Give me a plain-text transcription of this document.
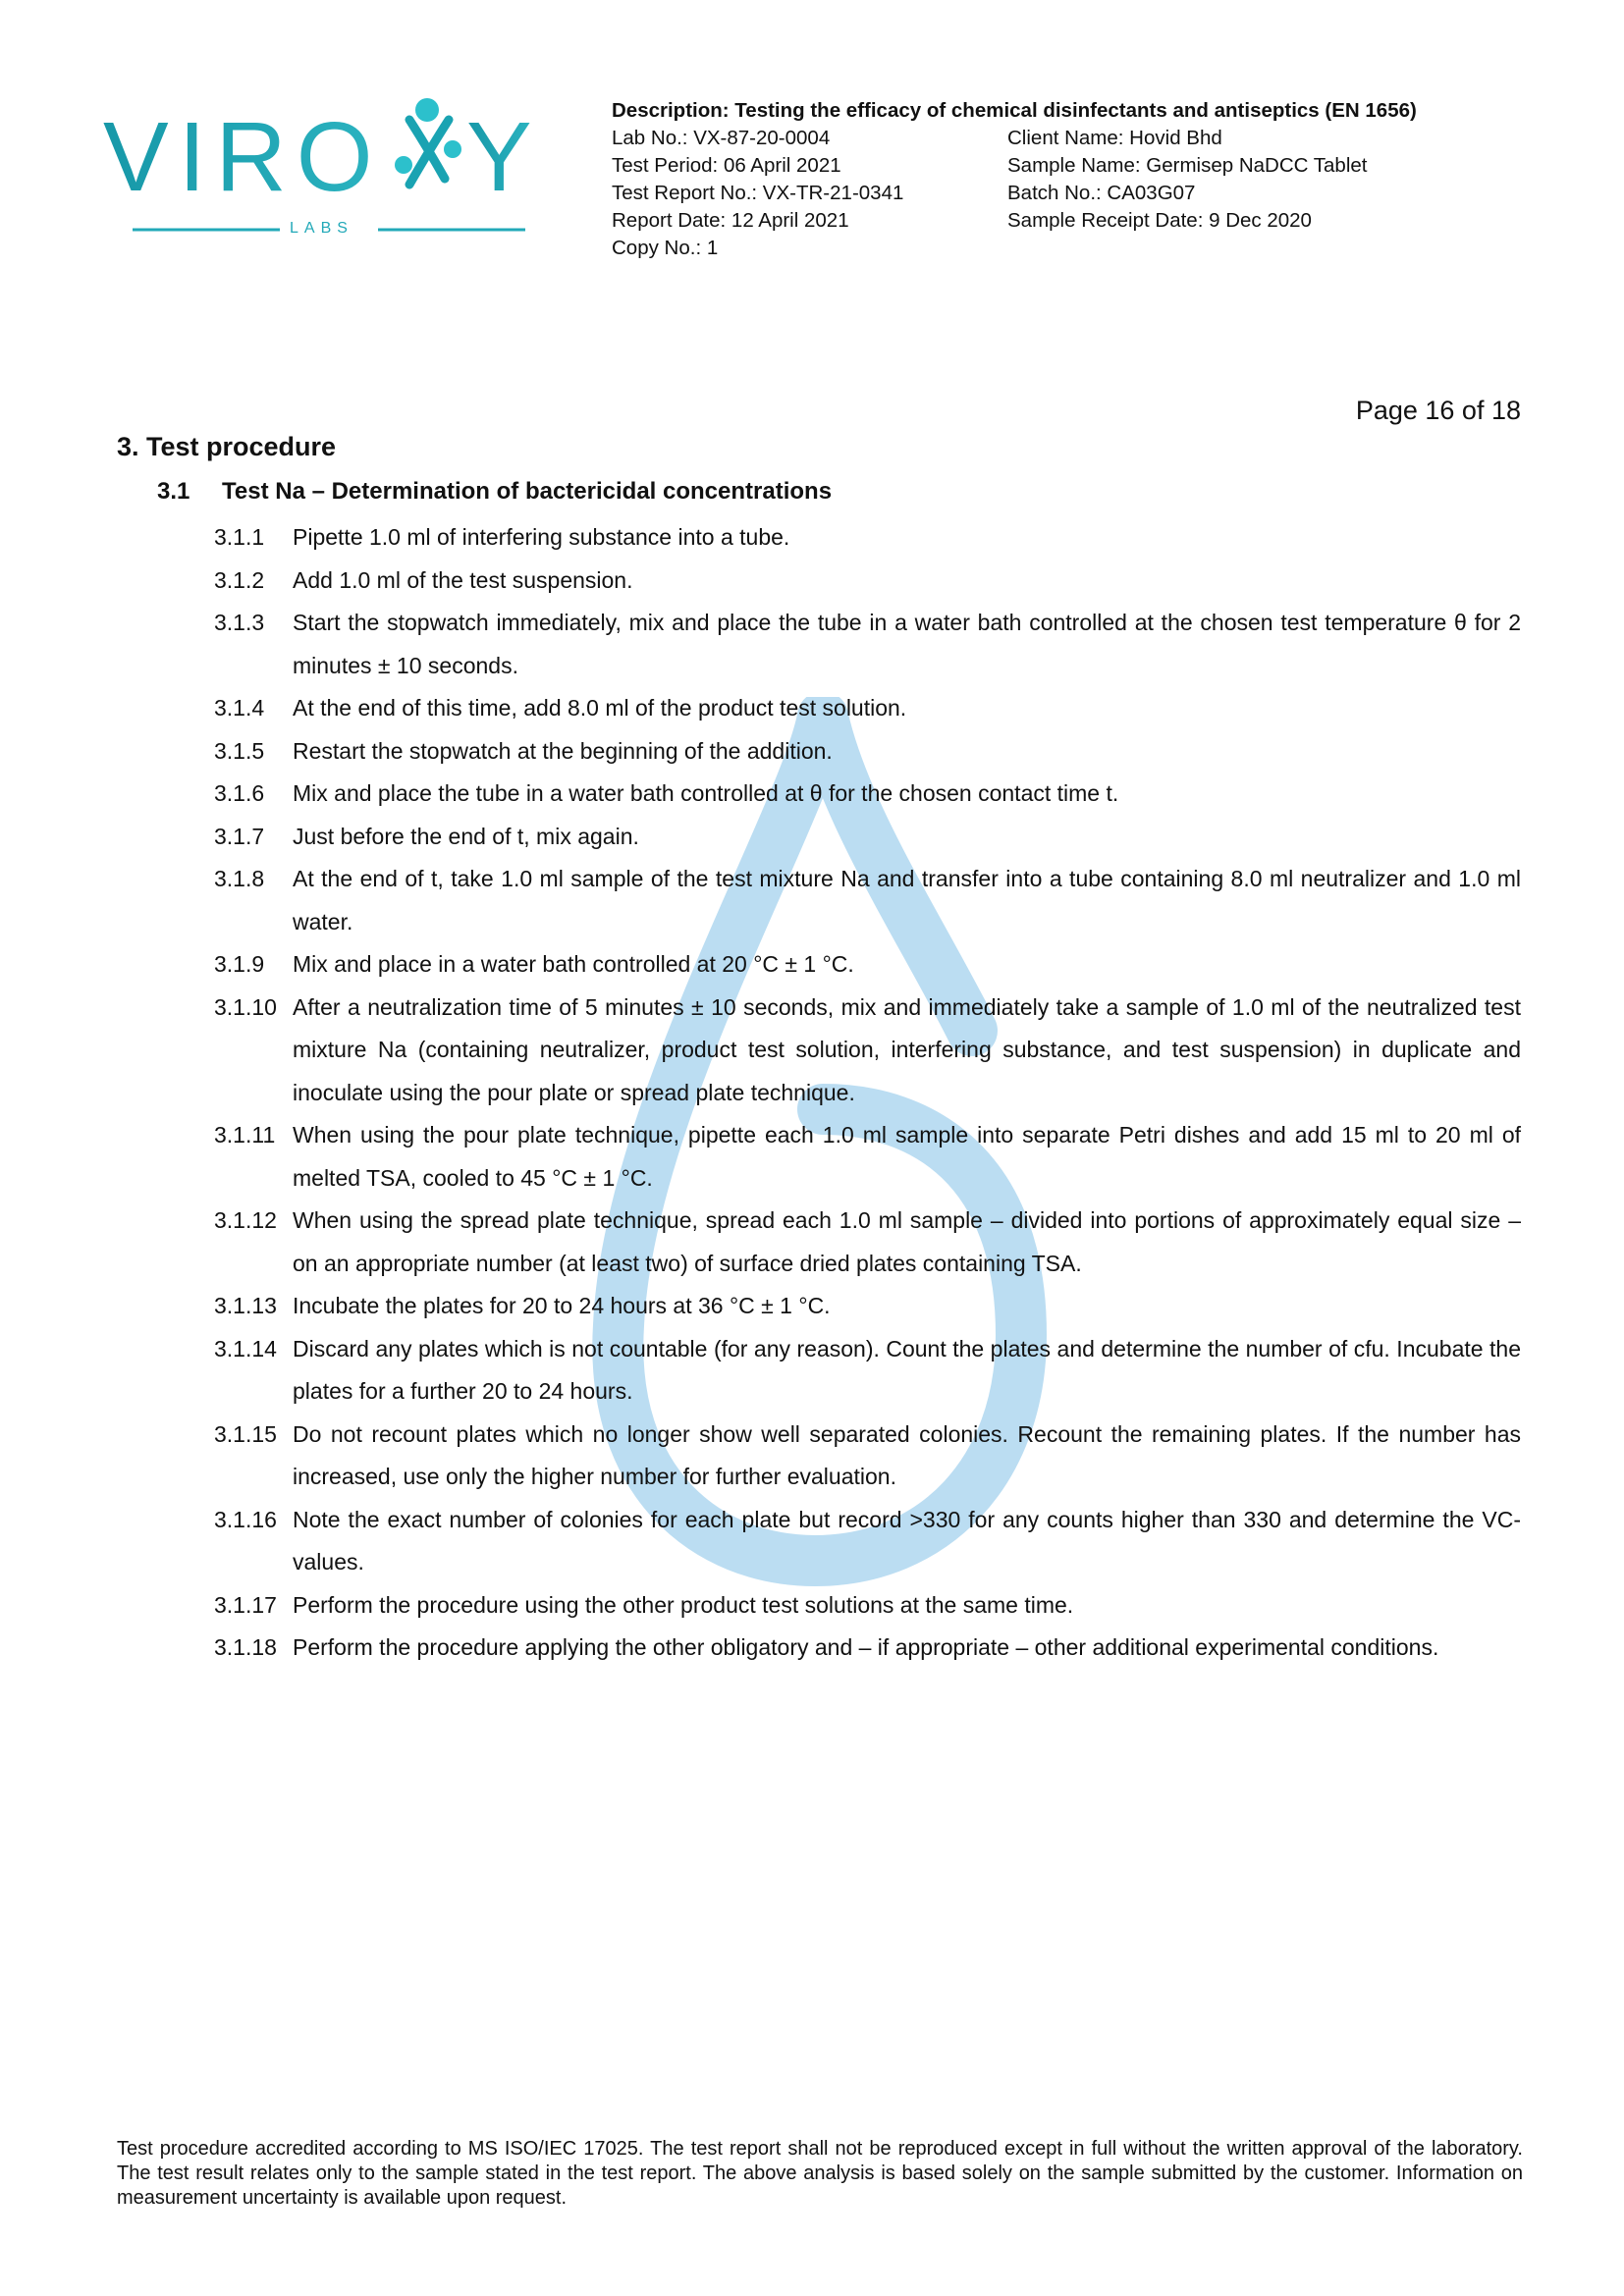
VIRO Y
LABS
Description: Testing the efficacy of chemical disinfectants and antiseptics (EN 1656)
Lab No.: VX-87-20-0004	Client Name: Hovid Bhd
Test Period: 06 April 2021	Sample Name: Germisep NaDCC Tablet
Test Report No.: VX-TR-21-0341	Batch No.: CA03G07
Report Date: 12 April 2021	Sample Receipt Date: 9 Dec 2020
Copy No.: 1
Page 16 of 18
3. Test procedure
3.1 Test Na – Determination of bactericidal concentrations
3.1.1	Pipette 1.0 ml of interfering substance into a tube.
3.1.2	Add 1.0 ml of the test suspension.
3.1.3	Start the stopwatch immediately, mix and place the tube in a water bath controlled at the chosen test temperature θ for 2 minutes ± 10 seconds.
3.1.4	At the end of this time, add 8.0 ml of the product test solution.
3.1.5	Restart the stopwatch at the beginning of the addition.
3.1.6	Mix and place the tube in a water bath controlled at θ for the chosen contact time t.
3.1.7	Just before the end of t, mix again.
3.1.8	At the end of t, take 1.0 ml sample of the test mixture Na and transfer into a tube containing 8.0 ml neutralizer and 1.0 ml water.
3.1.9	Mix and place in a water bath controlled at 20 °C ± 1 °C.
3.1.10 After a neutralization time of 5 minutes ± 10 seconds, mix and immediately take a sample of 1.0 ml of the neutralized test mixture Na (containing neutralizer, product test solution, interfering substance, and test suspension) in duplicate and inoculate using the pour plate or spread plate technique.
3.1.11 When using the pour plate technique, pipette each 1.0 ml sample into separate Petri dishes and add 15 ml to 20 ml of melted TSA, cooled to 45 °C ± 1 °C.
3.1.12 When using the spread plate technique, spread each 1.0 ml sample – divided into portions of approximately equal size – on an appropriate number (at least two) of surface dried plates containing TSA.
3.1.13 Incubate the plates for 20 to 24 hours at 36 °C ± 1 °C.
3.1.14 Discard any plates which is not countable (for any reason). Count the plates and determine the number of cfu. Incubate the plates for a further 20 to 24 hours.
3.1.15 Do not recount plates which no longer show well separated colonies. Recount the remaining plates. If the number has increased, use only the higher number for further evaluation.
3.1.16 Note the exact number of colonies for each plate but record >330 for any counts higher than 330 and determine the VC-values.
3.1.17 Perform the procedure using the other product test solutions at the same time.
3.1.18 Perform the procedure applying the other obligatory and – if appropriate – other additional experimental conditions.
Test procedure accredited according to MS ISO/IEC 17025. The test report shall not be reproduced except in full without the written approval of the laboratory. The test result relates only to the sample stated in the test report. The above analysis is based solely on the sample submitted by the customer. Information on measurement uncertainty is available upon request.
